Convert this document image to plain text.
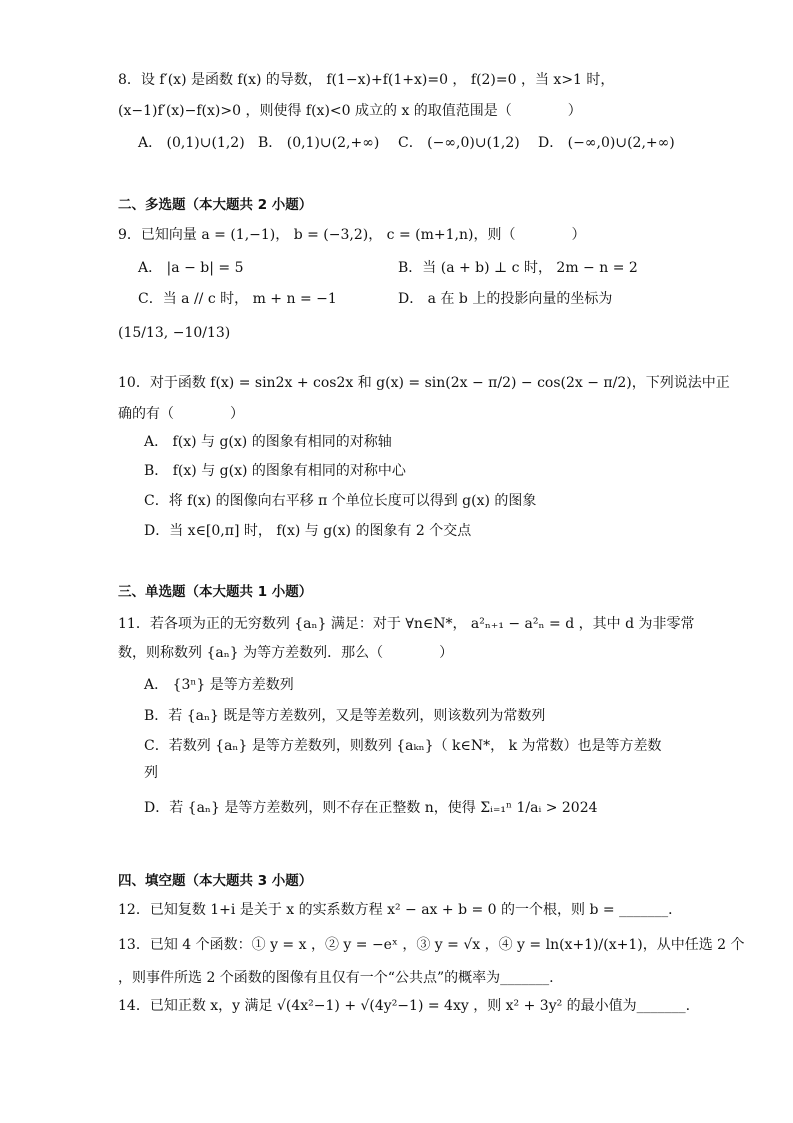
8．设 f′(x) 是函数 f(x) 的导数， f(1−x)+f(1+x)=0 ， f(2)=0 ，当 x>1 时，
(x−1)f′(x)−f(x)>0 ，则使得 f(x)<0 成立的 x 的取值范围是（　　　　）
A． (0,1)∪(1,2) B． (0,1)∪(2,+∞) C． (−∞,0)∪(1,2) D． (−∞,0)∪(2,+∞)
二、多选题（本大题共 2 小题）
9．已知向量 a = (1,−1)， b = (−3,2)， c = (m+1,n)，则（　　　　）
A． |a − b| = 5	B．当 (a + b) ⊥ c 时， 2m − n = 2
C．当 a // c 时， m + n = −1	D． a 在 b 上的投影向量的坐标为
(15/13, −10/13)
10．对于函数 f(x) = sin2x + cos2x 和 g(x) = sin(2x − π/2) − cos(2x − π/2)，下列说法中正
确的有（　　　　）
A． f(x) 与 g(x) 的图象有相同的对称轴
B． f(x) 与 g(x) 的图象有相同的对称中心
C．将 f(x) 的图像向右平移 π 个单位长度可以得到 g(x) 的图象
D．当 x∈[0,π] 时， f(x) 与 g(x) 的图象有 2 个交点
三、单选题（本大题共 1 小题）
11．若各项为正的无穷数列 {aₙ} 满足：对于 ∀n∈N*， a²ₙ₊₁ − a²ₙ = d ，其中 d 为非零常
数，则称数列 {aₙ} 为等方差数列．那么（　　　　）
A． {3ⁿ} 是等方差数列
B．若 {aₙ} 既是等方差数列，又是等差数列，则该数列为常数列
C．若数列 {aₙ} 是等方差数列，则数列 {aₖₙ}（ k∈N*， k 为常数）也是等方差数
列
D．若 {aₙ} 是等方差数列，则不存在正整数 n，使得 Σᵢ₌₁ⁿ 1/aᵢ > 2024
四、填空题（本大题共 3 小题）
12．已知复数 1+i 是关于 x 的实系数方程 x² − ax + b = 0 的一个根，则 b = _______．
13．已知 4 个函数：① y = x ，② y = −eˣ ，③ y = √x ，④ y = ln(x+1)/(x+1)，从中任选 2 个
，则事件所选 2 个函数的图像有且仅有一个“公共点”的概率为_______.
14．已知正数 x，y 满足 √(4x²−1) + √(4y²−1) = 4xy ，则 x² + 3y² 的最小值为_______.
